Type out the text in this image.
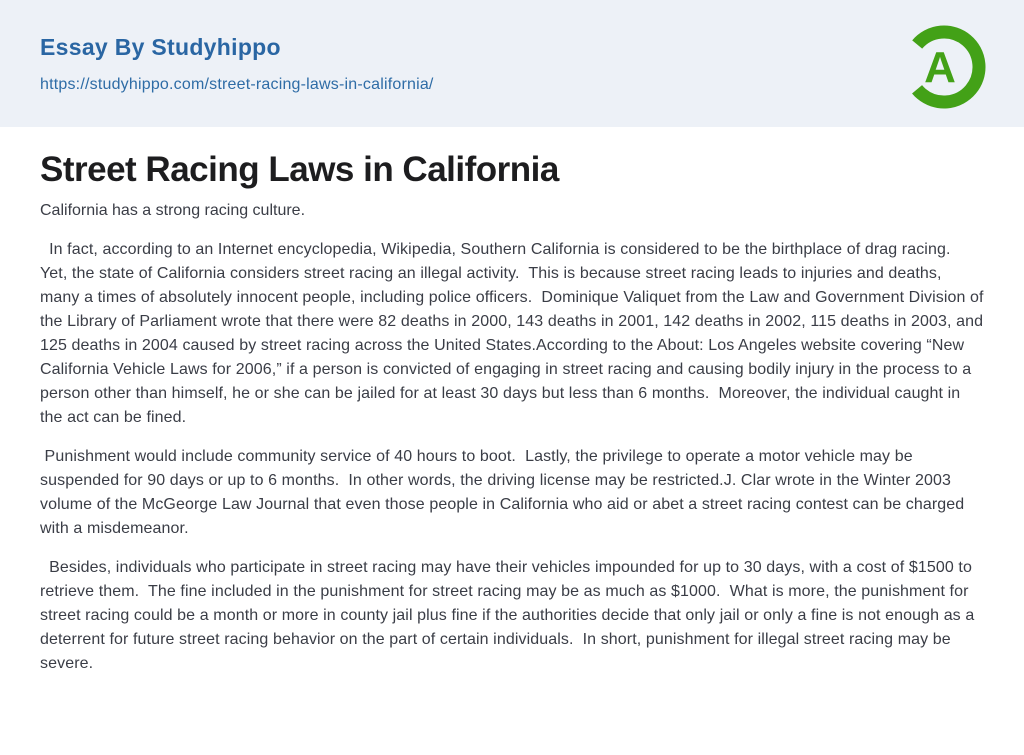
Essay By Studyhippo
https://studyhippo.com/street-racing-laws-in-california/	A
Street Racing Laws in California

California has a strong racing culture.

In fact, according to an Internet encyclopedia, Wikipedia, Southern California is considered to be the birthplace of drag racing.  Yet, the state of California considers street racing an illegal activity.  This is because street racing leads to injuries and deaths, many a times of absolutely innocent people, including police officers.  Dominique Valiquet from the Law and Government Division of the Library of Parliament wrote that there were 82 deaths in 2000, 143 deaths in 2001, 142 deaths in 2002, 115 deaths in 2003, and 125 deaths in 2004 caused by street racing across the United States.According to the About: Los Angeles website covering “New California Vehicle Laws for 2006,” if a person is convicted of engaging in street racing and causing bodily injury in the process to a person other than himself, he or she can be jailed for at least 30 days but less than 6 months.  Moreover, the individual caught in the act can be fined.

Punishment would include community service of 40 hours to boot.  Lastly, the privilege to operate a motor vehicle may be suspended for 90 days or up to 6 months.  In other words, the driving license may be restricted.J. Clar wrote in the Winter 2003 volume of the McGeorge Law Journal that even those people in California who aid or abet a street racing contest can be charged with a misdemeanor.

Besides, individuals who participate in street racing may have their vehicles impounded for up to 30 days, with a cost of $1500 to retrieve them.  The fine included in the punishment for street racing may be as much as $1000.  What is more, the punishment for street racing could be a month or more in county jail plus fine if the authorities decide that only jail or only a fine is not enough as a deterrent for future street racing behavior on the part of certain individuals.  In short, punishment for illegal street racing may be severe.
